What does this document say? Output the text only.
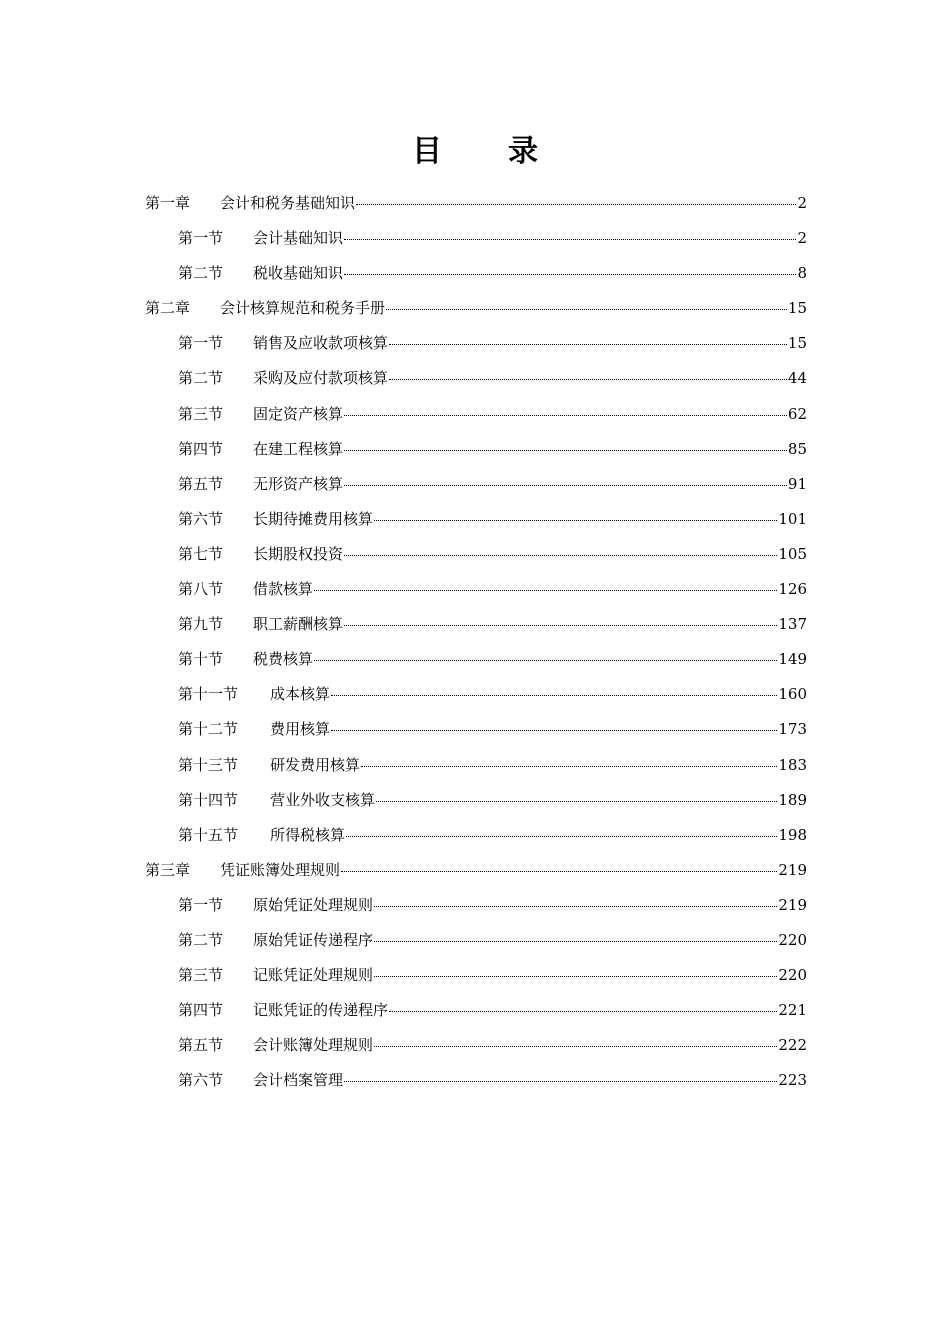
目 录
第一章	会计和税务基础知识	2
第一节	会计基础知识	2
第二节	税收基础知识	8
第二章	会计核算规范和税务手册	15
第一节	销售及应收款项核算	15
第二节	采购及应付款项核算	44
第三节	固定资产核算	62
第四节	在建工程核算	85
第五节	无形资产核算	91
第六节	长期待摊费用核算	101
第七节	长期股权投资	105
第八节	借款核算	126
第九节	职工薪酬核算	137
第十节	税费核算	149
第十一节	成本核算	160
第十二节	费用核算	173
第十三节	研发费用核算	183
第十四节	营业外收支核算	189
第十五节	所得税核算	198
第三章	凭证账簿处理规则	219
第一节	原始凭证处理规则	219
第二节	原始凭证传递程序	220
第三节	记账凭证处理规则	220
第四节	记账凭证的传递程序	221
第五节	会计账簿处理规则	222
第六节	会计档案管理	223
